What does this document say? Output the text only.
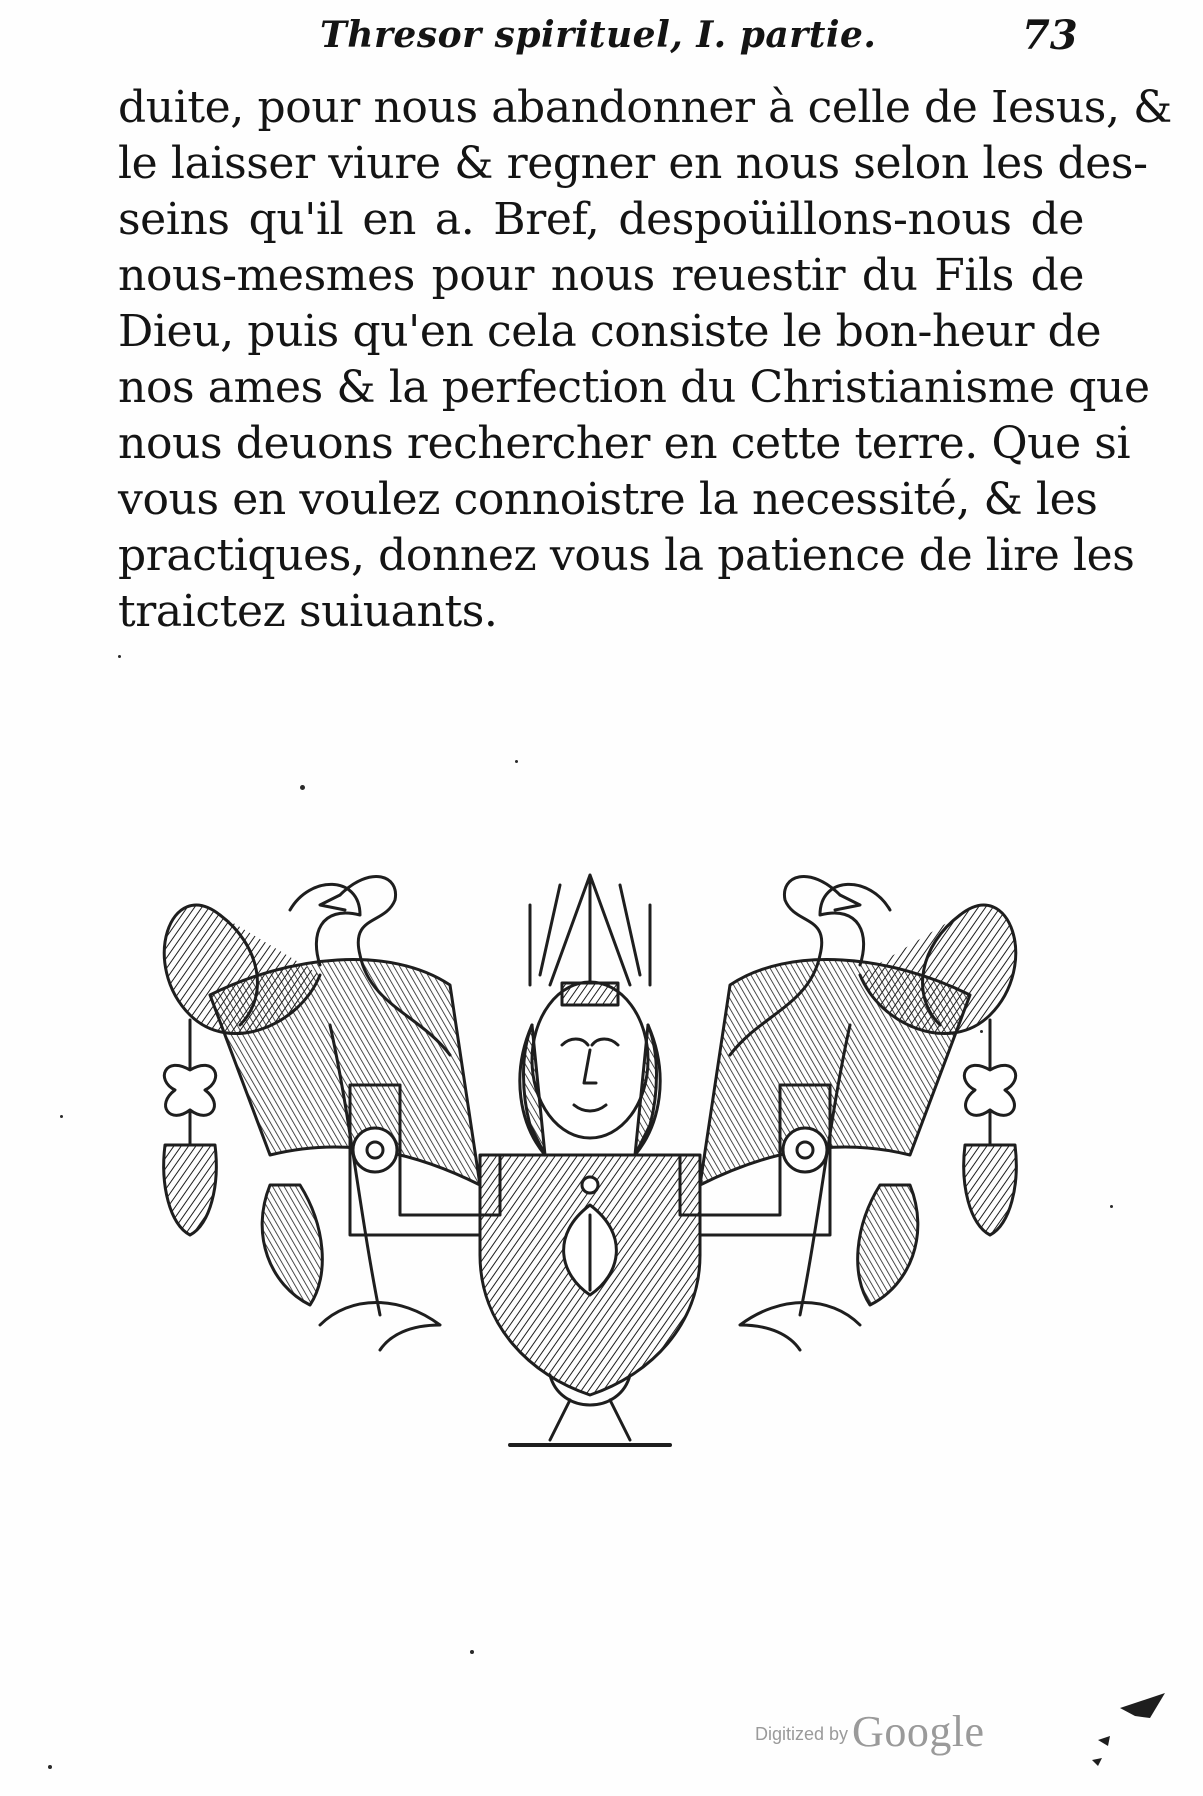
Thresor spirituel, I. partie.	73
duite, pour nous abandonner à celle de Iesus, &
le laisser viure & regner en nous selon les des-
seins qu'il en a. Bref, despoüillons-nous de
nous-mesmes pour nous reuestir du Fils de
Dieu, puis qu'en cela consiste le bon-heur de
nos ames & la perfection du Christianisme que
nous deuons rechercher en cette terre. Que si
vous en voulez connoistre la necessité, & les
practiques, donnez vous la patience de lire les
traictez suiuants.
Digitized byGoogle
